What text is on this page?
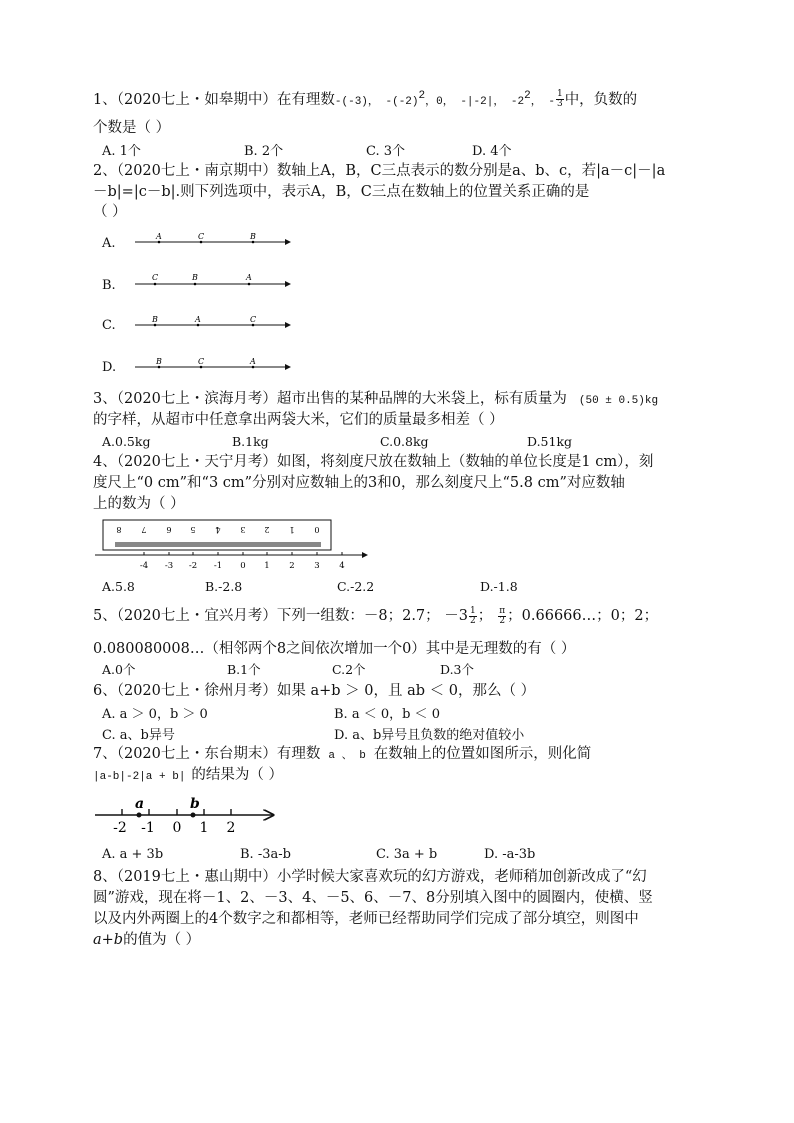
1、（2020七上・如皋期中）在有理数-(-3)， $-(-2)^2$，0， -|-2|， $-2^2$， - $\frac{1}{3}$ 中，负数的
个数是（ ）
A. 1个	B. 2个	C. 3个	D. 4个
2、（2020七上・南京期中）数轴上A，B，C三点表示的数分别是a、b、c，若|a－c|－|a
－b|=|c－b|.则下列选项中，表示A，B，C三点在数轴上的位置关系正确的是
（ ）
A.
B.
C.
D.
A	C	B
C	B	A
B	A	C
B	C	A
3、（2020七上・滨海月考）超市出售的某种品牌的大米袋上，标有质量为 (50 ± 0.5)kg
的字样，从超市中任意拿出两袋大米，它们的质量最多相差（ ）
A.0.5kg	B.1kg	C.0.8kg	D.51kg
4、（2020七上・天宁月考）如图，将刻度尺放在数轴上（数轴的单位长度是1 cm），刻
度尺上“0 cm”和“3 cm”分别对应数轴上的3和0，那么刻度尺上“5.8 cm”对应数轴
上的数为（ ）
8 7 6 5 4 3 2 1 0
-4 -3 -2 -1 0 1 2 3 4
A.5.8	B.-2.8	C.-2.2	D.-1.8
5、（2020七上・宜兴月考）下列一组数：－8；2.7； $-3 \frac{1}{2}$ ； $\frac{\pi}{2}$ ；0.66666…；0；2；
0.080080008…（相邻两个8之间依次增加一个0）其中是无理数的有（ ）
A.0个	B.1个	C.2个	D.3个
6、（2020七上・徐州月考）如果 a+b ＞ 0，且 ab ＜ 0，那么（ ）
A. a ＞ 0，b ＞ 0	B. a ＜ 0，b ＜ 0
C. a、b异号	D. a、b异号且负数的绝对值较小
7、（2020七上・东台期末）有理数 a 、 b 在数轴上的位置如图所示，则化简
|a-b|-2|a + b| 的结果为（ ）
a	b
-2 -1 0 1 2
A. a + 3b	B. -3a-b	C. 3a + b	D. -a-3b
8、（2019七上・惠山期中）小学时候大家喜欢玩的幻方游戏，老师稍加创新改成了“幻
圆”游戏，现在将－1、2、－3、4、－5、6、－7、8分别填入图中的圆圈内，使横、竖
以及内外两圈上的4个数字之和都相等，老师已经帮助同学们完成了部分填空，则图中
a+b的值为（ ）
